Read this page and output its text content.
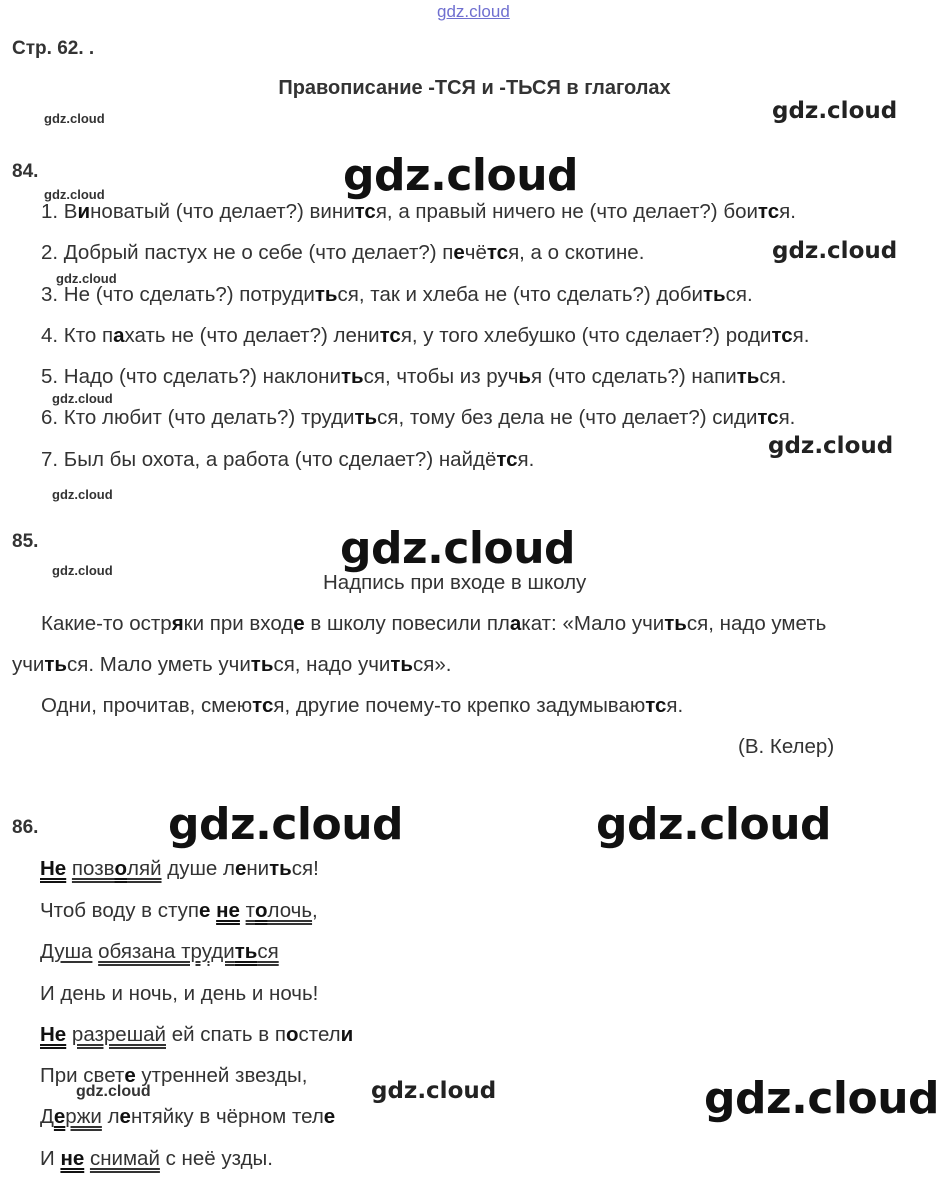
gdz.cloud
Стр. 62. .
Правописание -ТСЯ и -ТЬСЯ в глаголах
gdz.cloud	gdz.cloud
84.	gdz.cloud
gdz.cloud
gdz.cloud
gdz.cloud
gdz.cloud
gdz.cloud
gdz.cloud
1. Виноватый (что делает?) винится, а правый ничего не (что делает?) боится.
2. Добрый пастух не о себе (что делает?) печётся, а о скотине.
3. Не (что сделать?) потрудиться, так и хлеба не (что сделать?) добиться.
4. Кто пахать не (что делает?) ленится, у того хлебушко (что сделает?) родится.
5. Надо (что сделать?) наклониться, чтобы из ручья (что сделать?) напиться.
6. Кто любит (что делать?) трудиться, тому без дела не (что делает?) сидится.
7. Был бы охота, а работа (что сделает?) найдётся.
85.	gdz.cloud
gdz.cloud
Надпись при входе в школу
Какие-то остряки при входе в школу повесили плакат: «Мало учиться, надо уметь
учиться. Мало уметь учиться, надо учиться».
Одни, прочитав, смеются, другие почему-то крепко задумываются.
(В. Келер)
86.	gdz.cloud	gdz.cloud
Не позволяй душе лениться!
Чтоб воду в ступе не толочь,
Душа обязана трудиться
И день и ночь, и день и ночь!
Не разрешай ей спать в постели
При свете утренней звезды,
Держи лентяйку в чёрном теле
И не снимай с неё узды.
gdz.cloud	gdz.cloud	gdz.cloud
